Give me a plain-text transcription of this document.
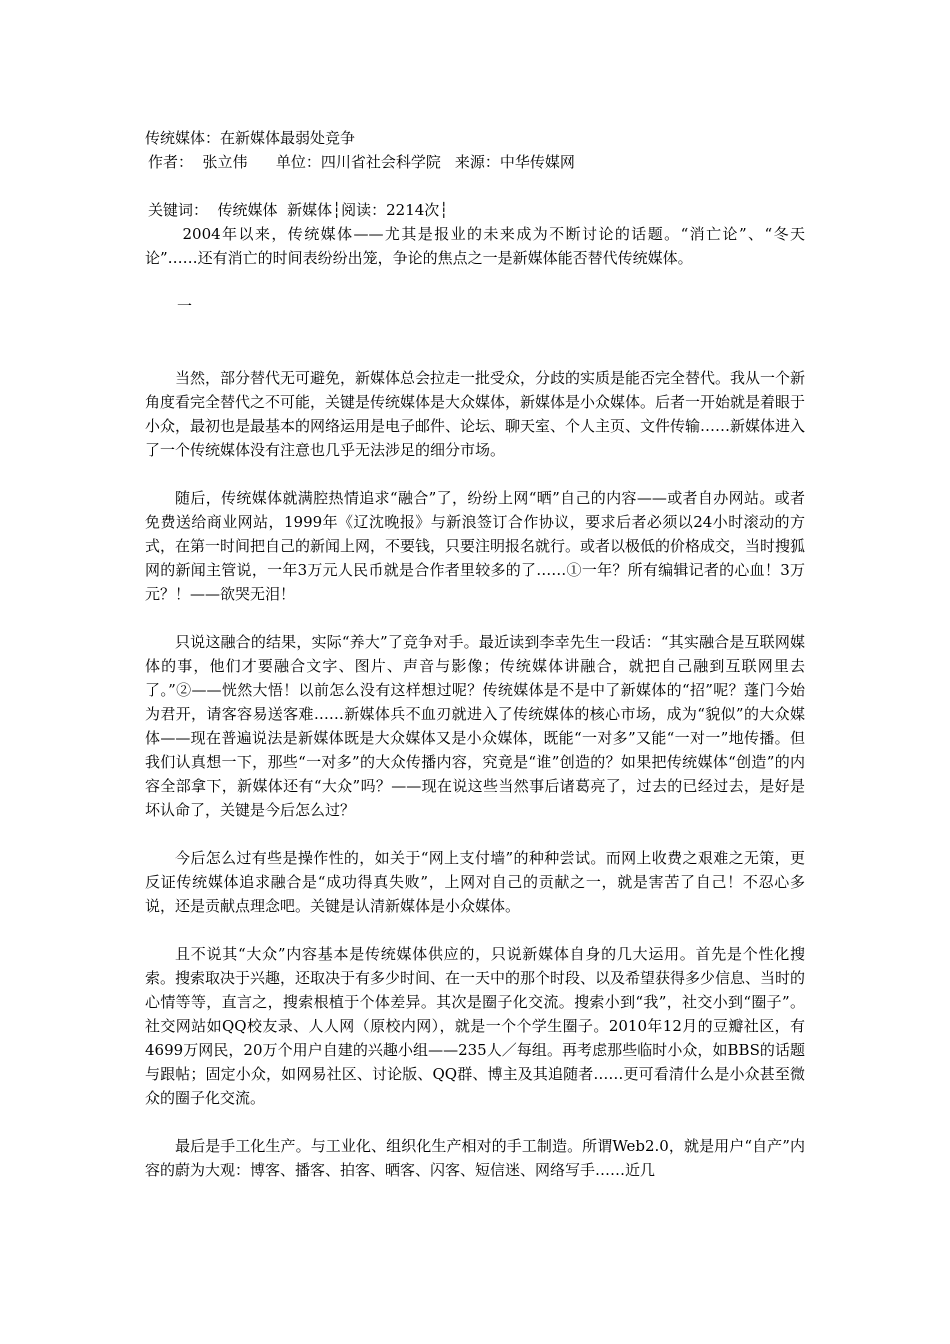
传统媒体：在新媒体最弱处竞争
作者：  张立伟 单位：四川省社会科学院 来源：中华传媒网
关键词：  传统媒体  新媒体┆阅读：2214次┆

2004年以来，传统媒体——尤其是报业的未来成为不断讨论的话题。“消亡论”、“冬天论”……还有消亡的时间表纷纷出笼，争论的焦点之一是新媒体能否替代传统媒体。

一

当然，部分替代无可避免，新媒体总会拉走一批受众，分歧的实质是能否完全替代。我从一个新角度看完全替代之不可能，关键是传统媒体是大众媒体，新媒体是小众媒体。后者一开始就是着眼于小众，最初也是最基本的网络运用是电子邮件、论坛、聊天室、个人主页、文件传输……新媒体进入了一个传统媒体没有注意也几乎无法涉足的细分市场。

随后，传统媒体就满腔热情追求“融合”了，纷纷上网“晒”自己的内容——或者自办网站。或者免费送给商业网站，1999年《辽沈晚报》与新浪签订合作协议，要求后者必须以24小时滚动的方式，在第一时间把自己的新闻上网，不要钱，只要注明报名就行。或者以极低的价格成交，当时搜狐网的新闻主管说，一年3万元人民币就是合作者里较多的了……①一年？所有编辑记者的心血！3万元？！——欲哭无泪！

只说这融合的结果，实际“养大”了竞争对手。最近读到李幸先生一段话：“其实融合是互联网媒体的事，他们才要融合文字、图片、声音与影像；传统媒体讲融合，就把自己融到互联网里去了。”②——恍然大悟！以前怎么没有这样想过呢？传统媒体是不是中了新媒体的“招”呢？蓬门今始为君开，请客容易送客难……新媒体兵不血刃就进入了传统媒体的核心市场，成为“貌似”的大众媒体——现在普遍说法是新媒体既是大众媒体又是小众媒体，既能“一对多”又能“一对一”地传播。但我们认真想一下，那些“一对多”的大众传播内容，究竟是“谁”创造的？如果把传统媒体“创造”的内容全部拿下，新媒体还有“大众”吗？——现在说这些当然事后诸葛亮了，过去的已经过去，是好是坏认命了，关键是今后怎么过？

今后怎么过有些是操作性的，如关于“网上支付墙”的种种尝试。而网上收费之艰难之无策，更反证传统媒体追求融合是“成功得真失败”，上网对自己的贡献之一，就是害苦了自己！不忍心多说，还是贡献点理念吧。关键是认清新媒体是小众媒体。

且不说其“大众”内容基本是传统媒体供应的，只说新媒体自身的几大运用。首先是个性化搜索。搜索取决于兴趣，还取决于有多少时间、在一天中的那个时段、以及希望获得多少信息、当时的心情等等，直言之，搜索根植于个体差异。其次是圈子化交流。搜索小到“我”，社交小到“圈子”。社交网站如QQ校友录、人人网（原校内网），就是一个个学生圈子。2010年12月的豆瓣社区，有4699万网民，20万个用户自建的兴趣小组——235人／每组。再考虑那些临时小众，如BBS的话题与跟帖；固定小众，如网易社区、讨论版、QQ群、博主及其追随者……更可看清什么是小众甚至微众的圈子化交流。

最后是手工化生产。与工业化、组织化生产相对的手工制造。所谓Web2.0，就是用户“自产”内容的蔚为大观：博客、播客、拍客、晒客、闪客、短信迷、网络写手……近几
